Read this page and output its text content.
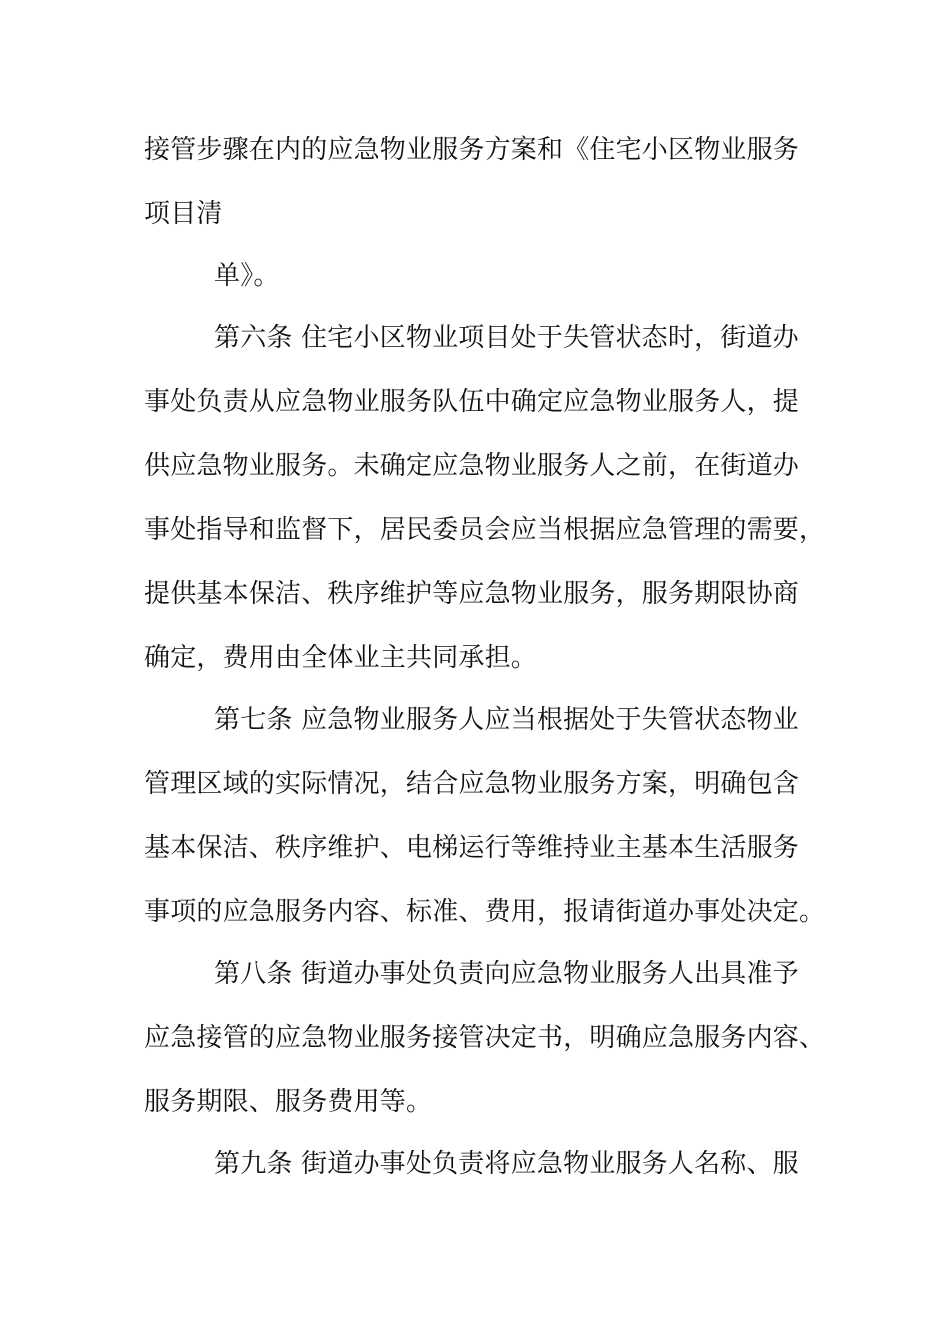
接管步骤在内的应急物业服务方案和《住宅小区物业服务
项目清
单》。
第六条 住宅小区物业项目处于失管状态时，街道办
事处负责从应急物业服务队伍中确定应急物业服务人，提
供应急物业服务。未确定应急物业服务人之前，在街道办
事处指导和监督下，居民委员会应当根据应急管理的需要，
提供基本保洁、秩序维护等应急物业服务，服务期限协商
确定，费用由全体业主共同承担。
第七条 应急物业服务人应当根据处于失管状态物业
管理区域的实际情况，结合应急物业服务方案，明确包含
基本保洁、秩序维护、电梯运行等维持业主基本生活服务
事项的应急服务内容、标准、费用，报请街道办事处决定。
第八条 街道办事处负责向应急物业服务人出具准予
应急接管的应急物业服务接管决定书，明确应急服务内容、
服务期限、服务费用等。
第九条 街道办事处负责将应急物业服务人名称、服
